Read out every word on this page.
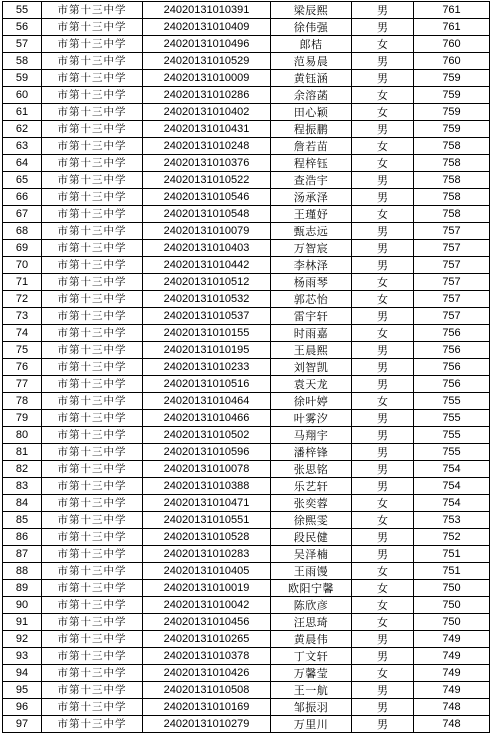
55	市第十三中学	24020131010391	梁辰熙	男	761
56	市第十三中学	24020131010409	徐伟强	男	761
57	市第十三中学	24020131010496	郎桔	女	760
58	市第十三中学	24020131010529	范易晨	男	760
59	市第十三中学	24020131010009	黄钰涵	男	759
60	市第十三中学	24020131010286	余溶菡	女	759
61	市第十三中学	24020131010402	田心颖	女	759
62	市第十三中学	24020131010431	程振鹏	男	759
63	市第十三中学	24020131010248	詹若苗	女	758
64	市第十三中学	24020131010376	程梓钰	女	758
65	市第十三中学	24020131010522	查浩宇	男	758
66	市第十三中学	24020131010546	汤承泽	男	758
67	市第十三中学	24020131010548	王瑾妤	女	758
68	市第十三中学	24020131010079	甄志远	男	757
69	市第十三中学	24020131010403	万智宸	男	757
70	市第十三中学	24020131010442	李林泽	男	757
71	市第十三中学	24020131010512	杨雨琴	女	757
72	市第十三中学	24020131010532	郭芯怡	女	757
73	市第十三中学	24020131010537	雷宇轩	男	757
74	市第十三中学	24020131010155	时雨嘉	女	756
75	市第十三中学	24020131010195	王晨熙	男	756
76	市第十三中学	24020131010233	刘智凯	男	756
77	市第十三中学	24020131010516	袁天龙	男	756
78	市第十三中学	24020131010464	徐叶婷	女	755
79	市第十三中学	24020131010466	叶雾汐	男	755
80	市第十三中学	24020131010502	马翔宇	男	755
81	市第十三中学	24020131010596	潘梓锋	男	755
82	市第十三中学	24020131010078	张思铭	男	754
83	市第十三中学	24020131010388	乐艺轩	男	754
84	市第十三中学	24020131010471	张奕蓉	女	754
85	市第十三中学	24020131010551	徐熙雯	女	753
86	市第十三中学	24020131010528	段民健	男	752
87	市第十三中学	24020131010283	吴泽楠	男	751
88	市第十三中学	24020131010405	王雨馒	女	751
89	市第十三中学	24020131010019	欧阳宁馨	女	750
90	市第十三中学	24020131010042	陈欣彦	女	750
91	市第十三中学	24020131010456	汪思琦	女	750
92	市第十三中学	24020131010265	黄晨伟	男	749
93	市第十三中学	24020131010378	丁文轩	男	749
94	市第十三中学	24020131010426	万馨莹	女	749
95	市第十三中学	24020131010508	王一航	男	749
96	市第十三中学	24020131010169	邹振羽	男	748
97	市第十三中学	24020131010279	万里川	男	748
